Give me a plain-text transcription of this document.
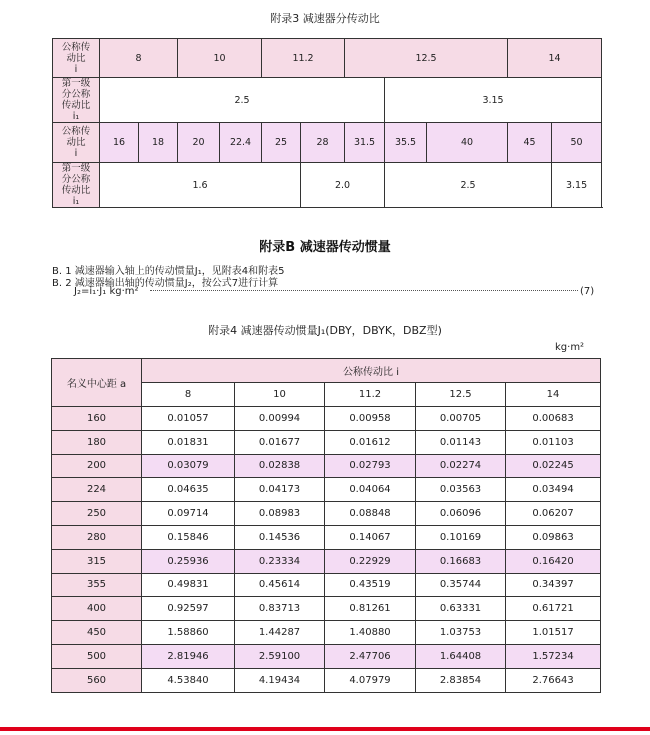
附录3 减速器分传动比
公称传
动比
i	8		10		11.2		12.5			14	
第一级
分公称
传动比
i₁	2.5							3.15			
公称传
动比
i	16	18	20	22.4	25	28	31.5	35.5	40	45	50
第一级
分公称
传动比
i₁	1.6					2.0		2.5			3.15
附录B 减速器传动惯量
B. 1 减速器输入轴上的传动惯量J₁，见附表4和附表5
B. 2 减速器输出轴的传动惯量J₂，按公式7进行计算
J₂=i₁·J₁ kg·m²	(7)
附录4 减速器传动惯量J₁(DBY，DBYK，DBZ型)
kg·m²
名义中心距 a	公称传动比 i				
	8	10	11.2	12.5	14
160	0.01057	0.00994	0.00958	0.00705	0.00683
180	0.01831	0.01677	0.01612	0.01143	0.01103
200	0.03079	0.02838	0.02793	0.02274	0.02245
224	0.04635	0.04173	0.04064	0.03563	0.03494
250	0.09714	0.08983	0.08848	0.06096	0.06207
280	0.15846	0.14536	0.14067	0.10169	0.09863
315	0.25936	0.23334	0.22929	0.16683	0.16420
355	0.49831	0.45614	0.43519	0.35744	0.34397
400	0.92597	0.83713	0.81261	0.63331	0.61721
450	1.58860	1.44287	1.40880	1.03753	1.01517
500	2.81946	2.59100	2.47706	1.64408	1.57234
560	4.53840	4.19434	4.07979	2.83854	2.76643
